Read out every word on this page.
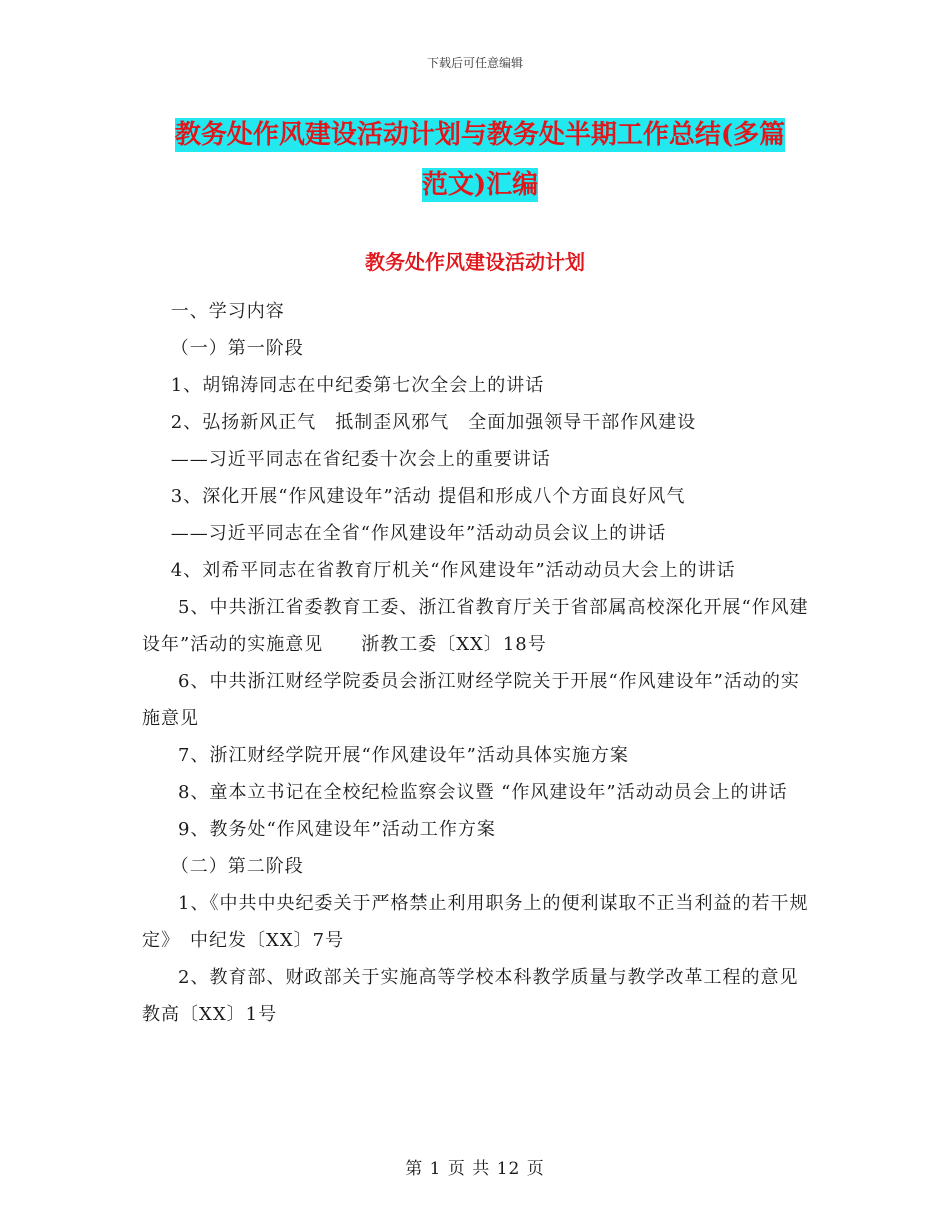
下载后可任意编辑
教务处作风建设活动计划与教务处半期工作总结(多篇
范文)汇编
教务处作风建设活动计划

一、学习内容

（一）第一阶段

1、胡锦涛同志在中纪委第七次全会上的讲话

2、弘扬新风正气　抵制歪风邪气　全面加强领导干部作风建设

——习近平同志在省纪委十次会上的重要讲话

3、深化开展“作风建设年”活动 提倡和形成八个方面良好风气

——习近平同志在全省“作风建设年”活动动员会议上的讲话

4、刘希平同志在省教育厅机关“作风建设年”活动动员大会上的讲话

5、中共浙江省委教育工委、浙江省教育厅关于省部属高校深化开展“作风建设年”活动的实施意见　　浙教工委〔XX〕18号

6、中共浙江财经学院委员会浙江财经学院关于开展“作风建设年”活动的实施意见

7、浙江财经学院开展“作风建设年”活动具体实施方案

8、童本立书记在全校纪检监察会议暨 “作风建设年”活动动员会上的讲话

9、教务处“作风建设年”活动工作方案

（二）第二阶段

1、《中共中央纪委关于严格禁止利用职务上的便利谋取不正当利益的若干规定》　中纪发〔XX〕7号

2、教育部、财政部关于实施高等学校本科教学质量与教学改革工程的意见　　 教高〔XX〕1号

第 1 页 共 12 页
